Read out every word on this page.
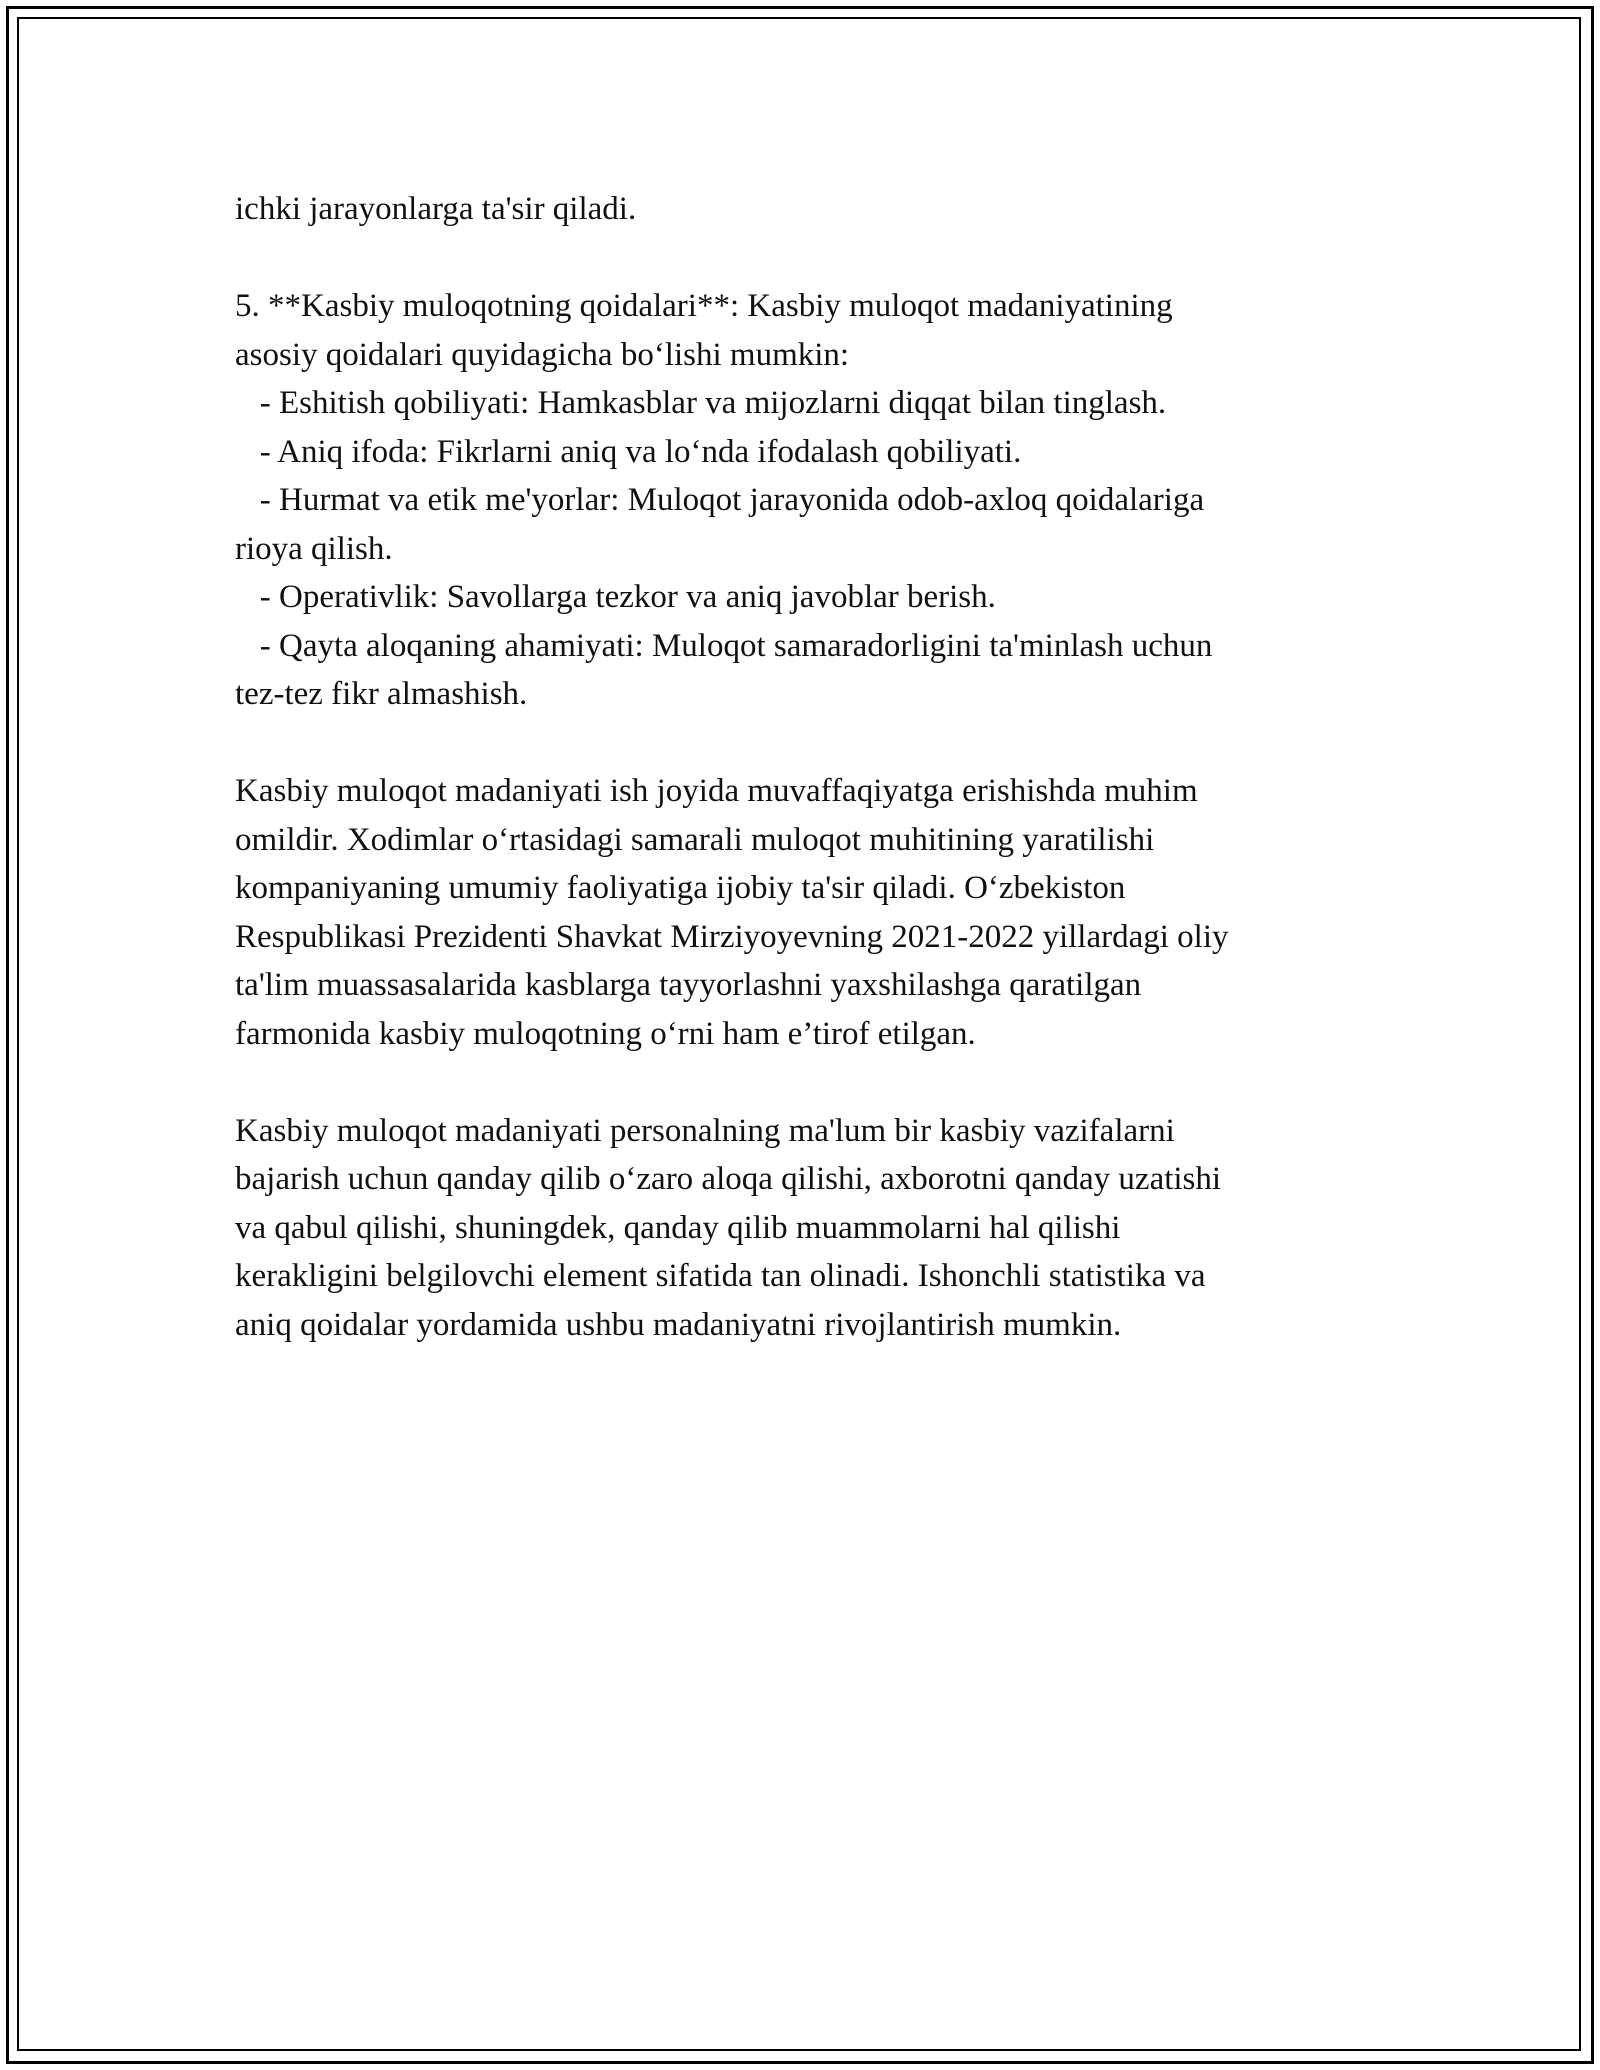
ichki jarayonlarga ta'sir qiladi.

5. **Kasbiy muloqotning qoidalari**: Kasbiy muloqot madaniyatining
asosiy qoidalari quyidagicha bo‘lishi mumkin:
- Eshitish qobiliyati: Hamkasblar va mijozlarni diqqat bilan tinglash.
- Aniq ifoda: Fikrlarni aniq va lo‘nda ifodalash qobiliyati.
- Hurmat va etik me'yorlar: Muloqot jarayonida odob-axloq qoidalariga
rioya qilish.
- Operativlik: Savollarga tezkor va aniq javoblar berish.
- Qayta aloqaning ahamiyati: Muloqot samaradorligini ta'minlash uchun
tez-tez fikr almashish.

Kasbiy muloqot madaniyati ish joyida muvaffaqiyatga erishishda muhim
omildir. Xodimlar o‘rtasidagi samarali muloqot muhitining yaratilishi
kompaniyaning umumiy faoliyatiga ijobiy ta'sir qiladi. O‘zbekiston
Respublikasi Prezidenti Shavkat Mirziyoyevning 2021-2022 yillardagi oliy
ta'lim muassasalarida kasblarga tayyorlashni yaxshilashga qaratilgan
farmonida kasbiy muloqotning o‘rni ham e’tirof etilgan.

Kasbiy muloqot madaniyati personalning ma'lum bir kasbiy vazifalarni
bajarish uchun qanday qilib o‘zaro aloqa qilishi, axborotni qanday uzatishi
va qabul qilishi, shuningdek, qanday qilib muammolarni hal qilishi
kerakligini belgilovchi element sifatida tan olinadi. Ishonchli statistika va
aniq qoidalar yordamida ushbu madaniyatni rivojlantirish mumkin.
